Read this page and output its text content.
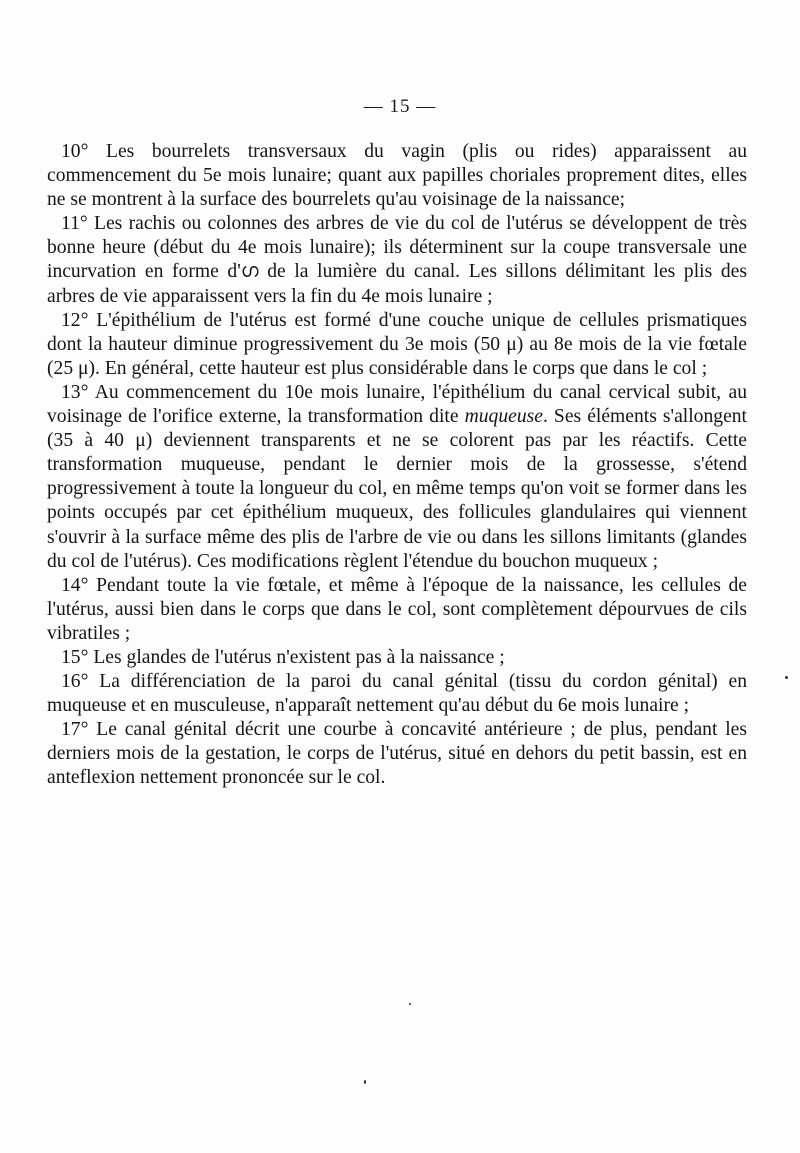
— 15 —

10° Les bourrelets transversaux du vagin (plis ou rides) apparaissent au commencement du 5e mois lunaire; quant aux papilles choriales proprement dites, elles ne se montrent à la surface des bourrelets qu'au voisinage de la naissance;

11° Les rachis ou colonnes des arbres de vie du col de l'utérus se développent de très bonne heure (début du 4e mois lunaire); ils déterminent sur la coupe transversale une incurvation en forme d'ഗ de la lumière du canal. Les sillons délimitant les plis des arbres de vie apparaissent vers la fin du 4e mois lunaire ;

12° L'épithélium de l'utérus est formé d'une couche unique de cellules prismatiques dont la hauteur diminue progressivement du 3e mois (50 μ) au 8e mois de la vie fœtale (25 μ). En général, cette hauteur est plus considérable dans le corps que dans le col ;

13° Au commencement du 10e mois lunaire, l'épithélium du canal cervical subit, au voisinage de l'orifice externe, la transformation dite muqueuse. Ses éléments s'allongent (35 à 40 μ) deviennent transparents et ne se colorent pas par les réactifs. Cette transformation muqueuse, pendant le dernier mois de la grossesse, s'étend progressivement à toute la longueur du col, en même temps qu'on voit se former dans les points occupés par cet épithélium muqueux, des follicules glandulaires qui viennent s'ouvrir à la surface même des plis de l'arbre de vie ou dans les sillons limitants (glandes du col de l'utérus). Ces modifications règlent l'étendue du bouchon muqueux ;

14° Pendant toute la vie fœtale, et même à l'époque de la naissance, les cellules de l'utérus, aussi bien dans le corps que dans le col, sont complètement dépourvues de cils vibratiles ;

15° Les glandes de l'utérus n'existent pas à la naissance ;

16° La différenciation de la paroi du canal génital (tissu du cordon génital) en muqueuse et en musculeuse, n'apparaît nettement qu'au début du 6e mois lunaire ;

17° Le canal génital décrit une courbe à concavité antérieure ; de plus, pendant les derniers mois de la gestation, le corps de l'utérus, situé en dehors du petit bassin, est en anteflexion nettement prononcée sur le col.
